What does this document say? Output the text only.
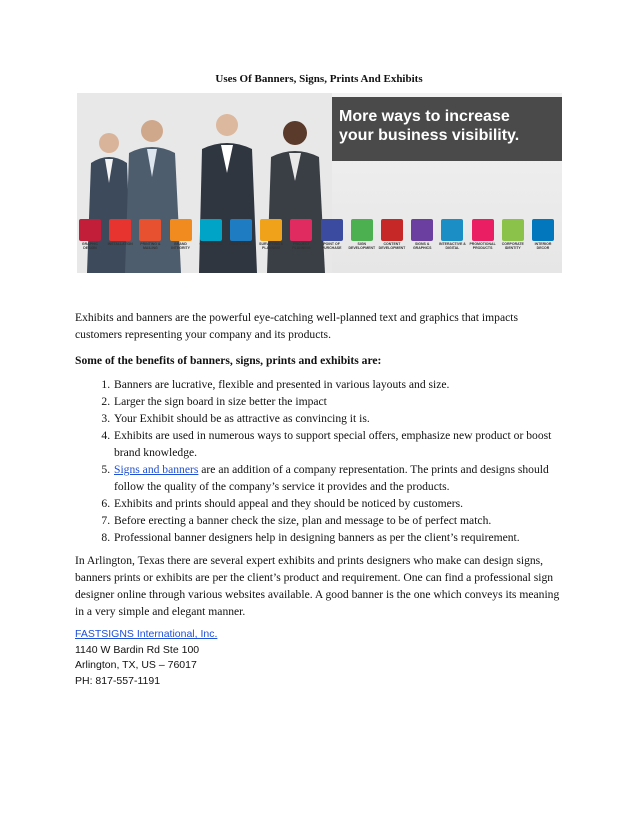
Uses Of Banners, Signs, Prints And Exhibits
More ways to increase
your business visibility.
GRAPHIC DESIGN
INSTALLATION	PRINTING & MAILING
BRAND INTEGRITY
CONSULTING	COMPLIANCE	SURVEYING & PLANNING
PROJECT PLANNING
POINT OF PURCHASE
SIGN DEVELOPMENT
CONTENT DEVELOPMENT
SIGNS & GRAPHICS
INTERACTIVE & DIGITAL
PROMOTIONAL PRODUCTS
CORPORATE IDENTITY
INTERIOR DECOR

Exhibits and banners are the powerful eye-catching well-planned text and graphics that impacts customers representing your company and its products.

Some of the benefits of banners, signs, prints and exhibits are:

1. Banners are lucrative, flexible and presented in various layouts and size.
2. Larger the sign board in size better the impact
3. Your Exhibit should be as attractive as convincing it is.
4. Exhibits are used in numerous ways to support special offers, emphasize new product or boost brand knowledge.
5. Signs and banners are an addition of a company representation. The prints and designs should follow the quality of the company’s service it provides and the products.
6. Exhibits and prints should appeal and they should be noticed by customers.
7. Before erecting a banner check the size, plan and message to be of perfect match.
8. Professional banner designers help in designing banners as per the client’s requirement.

In Arlington, Texas there are several expert exhibits and prints designers who make can design signs, banners prints or exhibits are per the client’s product and requirement. One can find a professional sign designer online through various websites available. A good banner is the one which conveys its meaning in a very simple and elegant manner.

FASTSIGNS International, Inc.
1140 W Bardin Rd Ste 100
Arlington, TX, US – 76017
PH: 817-557-1191
